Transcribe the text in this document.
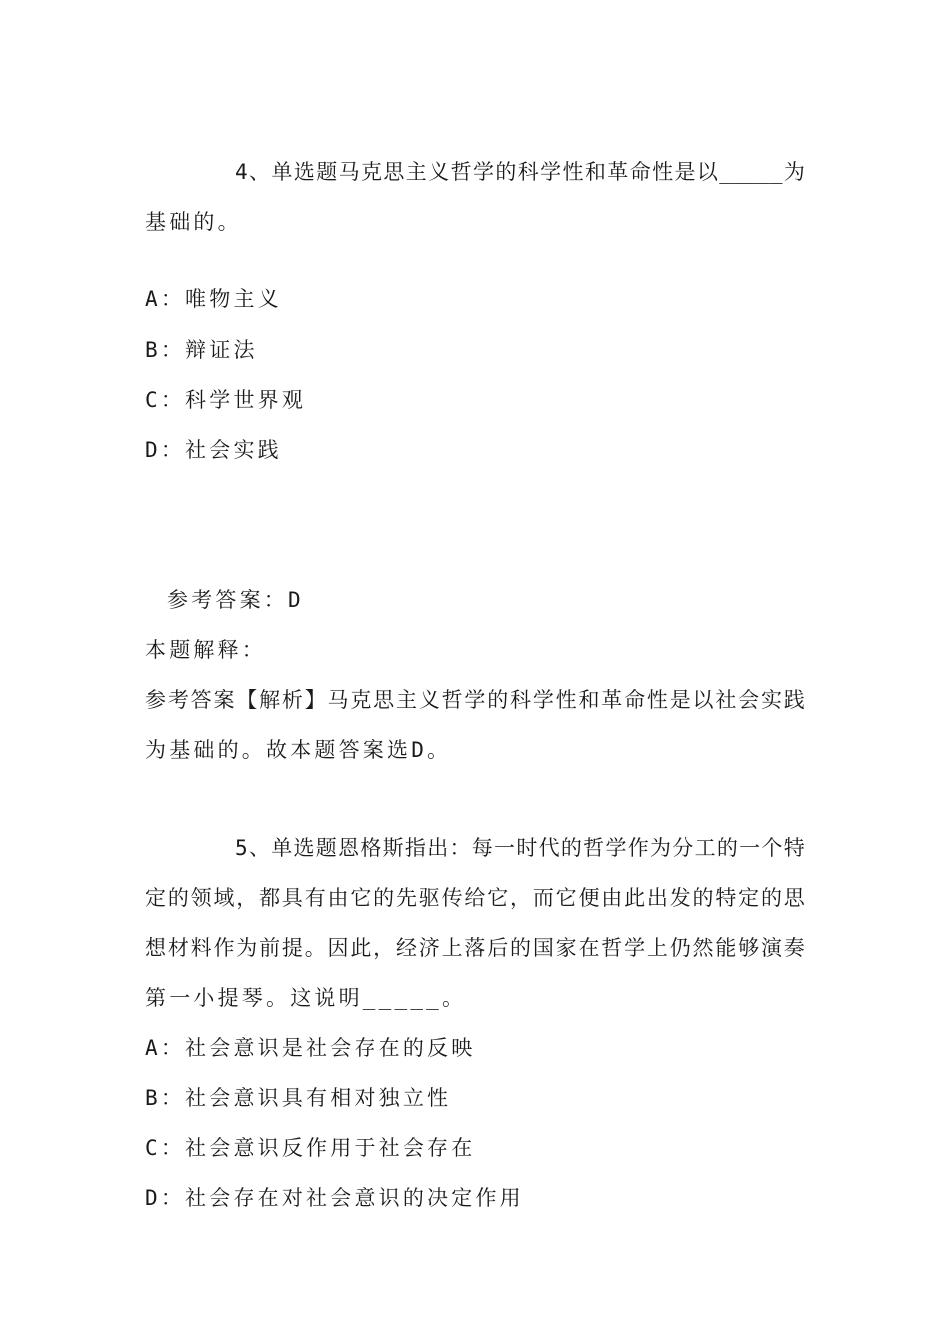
4 、 单 选 题 马 克 思 主 义 哲 学 的 科 学 性 和 革 命 性 是 以 _____ 为
基础的。
A：唯物主义
B：辩证法
C：科学世界观
D：社会实践
参考答案：D
本题解释：
参 考 答 案 【 解 析 】 马 克 思 主 义 哲 学 的 科 学 性 和 革 命 性 是 以 社 会 实 践
为基础的。故本题答案选D。
5 、 单 选 题 恩 格 斯 指 出 ： 每 一 时 代 的 哲 学 作 为 分 工 的 一 个 特
定 的 领 域 ， 都 具 有 由 它 的 先 驱 传 给 它 ， 而 它 便 由 此 出 发 的 特 定 的 思
想 材 料 作 为 前 提 。 因 此 ， 经 济 上 落 后 的 国 家 在 哲 学 上 仍 然 能 够 演 奏
第一小提琴。这说明_____。
A：社会意识是社会存在的反映
B：社会意识具有相对独立性
C：社会意识反作用于社会存在
D：社会存在对社会意识的决定作用
